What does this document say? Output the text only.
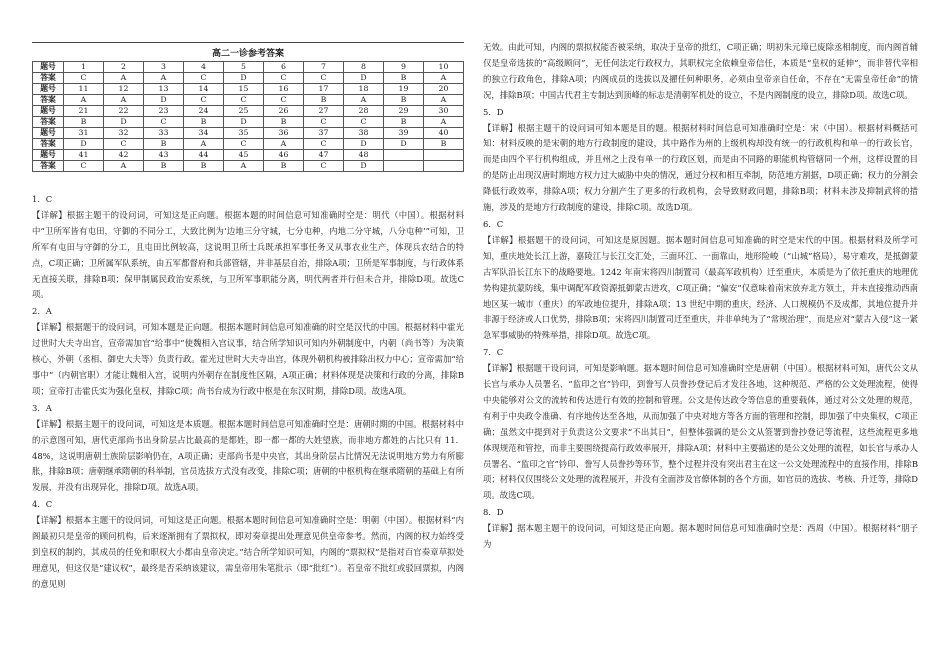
高二一诊参考答案
题号	1	2	3	4	5	6	7	8	9	10
答案	C	A	A	C	D	C	C	D	B	A
题号	11	12	13	14	15	16	17	18	19	20
答案	A	A	D	C	C	C	B	A	B	A
题号	21	22	23	24	25	26	27	28	29	30
答案	B	D	C	B	D	B	C	C	B	A
题号	31	32	33	34	35	36	37	38	39	40
答案	D	C	B	A	C	A	C	D	D	B
题号	41	42	43	44	45	46	47	48		
答案	C	A	B	B	A	B	C	D		

1．C

【详解】根据主题干的设问词，可知这是正向题。根据本题的时间信息可知准确时空是：明代（中国）。根据材料中“卫所军皆有屯田，守御的不同分工，大致比例为‘边地三分守城，七分屯种，内地二分守城，八分屯种’”可知，卫所军有屯田与守御的分工，且屯田比例较高，这说明卫所士兵既承担军事任务又从事农业生产，体现兵农结合的特点，C项正确；卫所属军队系统，由五军都督府和兵部管辖，并非基层自治，排除A项；卫所是军事制度，与行政体系无直接关联，排除B项；保甲制属民政治安系统，与卫所军事职能分离，明代两者并行但未合并，排除D项。故选C项。

2．A

【详解】根据题干的设问词，可知本题是正向题。根据本题时间信息可知准确的时空是汉代的中国。根据材料中霍光过世时大夫寺出宫，宣帝需加官“给事中”使魏相入宫议事，结合所学知识可知内外朝制度中，内朝（尚书等）为决策核心，外朝（丞相、御史大夫等）负责行政。霍光过世时大夫寺出宫，体现外朝机构被排除出权力中心；宣帝需加“给事中”（内朝官职）才能让魏相入宫，说明内外朝存在制度性区隔，A项正确；材料体现是决策和行政的分离，排除B项；宣帝打击霍氏实为强化皇权，排除C项；尚书台成为行政中枢是在东汉时期，排除D项。故选A项。

3．A

【详解】根据主题干的设问词，可知这是本质题。根据本题时间信息可知准确时空是：唐朝时期的中国。根据材料中的示意图可知，唐代吏部尚书出身阶层占比最高的是都姓，即一都一都的大姓望族，而非地方都姓的占比只有 11．48%，这说明唐朝士族阶层影响仍在，A项正确；吏部尚书是中央官，其出身阶层占比情况无法说明地方势力有所膨胀，排除B项；唐朝继承隋朝的科举制，官员选拔方式没有改变，排除C项；唐朝的中枢机构在继承隋朝的基础上有所发展，并没有出现异化，排除D项。故选A项。

4．C

【详解】根据本主题干的设问词，可知这是正向题。根据本题时间信息可知准确时空是：明朝（中国）。根据材料“内阁最初只是皇帝的顾问机构，后来逐渐拥有了票拟权，即对奏章提出处理意见供皇帝参考。然而，内阁的权力始终受到皇权的制约，其成员的任免和职权大小都由皇帝决定。”结合所学知识可知，内阁的“票拟权”是指对百官奏章草拟处理意见，但这仅是“建议权”，最终是否采纳该建议，需皇帝用朱笔批示（即“批红”）。若皇帝不批红或驳回票拟，内阁的意见则

无效。由此可知，内阁的票拟权能否被采纳，取决于皇帝的批红，C项正确；明初朱元璋已废除丞相制度，而内阁首辅仅是皇帝选拔的“高级顾问”，无任何法定行政权力，其职权完全依赖皇帝信任，本质是“皇权的延伸”，而非替代宰相的独立行政角色，排除A项；内阁成员的选拔以及擢任何种职务，必须由皇帝亲自任命，不存在“无需皇帝任命”的情况，排除B项；中国古代君主专制达到顶峰的标志是清朝军机处的设立，不是内阁制度的设立，排除D项。故选C项。

5．D

【详解】根据主题干的设问词可知本题是目的题。根据材料时间信息可知准确时空是：宋（中国）。根据材料概括可知：材料反映的是宋朝的地方行政制度的建设，其中路作为州的上级机构却没有统一的行政机构和单一的行政长官，而是由四个平行机构组成，并且州之上没有单一的行政区划，而是由不同路的职能机构管辖同一个州，这样设置的目的是防止出现汉唐时期地方权力过大威胁中央的情况，通过分权和相互牵制，防范地方割据，D项正确；权力的分割会降低行政效率，排除A项；权力分割产生了更多的行政机构，会导致财政问题，排除B项；材料未涉及抑制武将的措施，涉及的是地方行政制度的建设，排除C项。故选D项。

6．C

【详解】根据题干的设问词，可知这是原因题。据本题时间信息可知准确的时空是宋代的中国。根据材料及所学可知，重庆地处长江上游，嘉陵江与长江交汇处，三面环江、一面靠山，地形险峻（“山城”格局），易守难攻，是抵御蒙古军队沿长江东下的战略要地。1242 年南宋将四川制置司（最高军政机构）迁至重庆，本质是为了依托重庆的地理优势构建抗蒙防线，集中调配军政资源抵御蒙古进攻，C项正确；“偏安”仅意味着南宋放弃北方领土，并未直接推动西南地区某一城市（重庆）的军政地位提升，排除A项；13 世纪中期的重庆，经济、人口规模仍不及成都，其地位提升并非源于经济或人口优势，排除B项；宋将四川制置司迁至重庆，并非单纯为了“常规治理”，而是应对“蒙古入侵”这一紧急军事威胁的特殊举措，排除D项。故选C项。

7．C

【详解】根据题干设问词，可知是影响题。据本题时间信息可知准确时空是唐朝（中国）。根据材料可知，唐代公文从长官与承办人员署名、“监印之官”钤印，到誊写人员誊抄登记后才发往各地，这种规范、严格的公文处理流程，使得中央能够对公文的流转和传达进行有效的控制和管理。公文是传达政令等信息的重要载体，通过对公文处理的规范，有利于中央政令准确、有序地传达至各地，从而加强了中央对地方等各方面的管理和控制，即加强了中央集权，C项正确；虽然文中提到对于负责这公文要求“不出其日”，但整体强调的是公文从签署到誊抄登记等流程，这些流程更多地体现规范和管控，而非主要围绕提高行政效率展开，排除A项；材料中主要描述的是公文处理的流程，如长官与承办人员署名、“监印之官”钤印、誊写人员誊抄等环节，整个过程并没有突出君主在这一公文处理流程中的直接作用，排除B项；材料仅仅围绕公文处理的流程展开，并没有全面涉及官僚体制的各个方面，如官员的选拔、考核、升迁等，排除D项。故选C项。

8．D

【详解】据本题主题干的设问词，可知这是正向题。据本题时间信息可知准确时空是：西周（中国）。根据材料“朋子为
